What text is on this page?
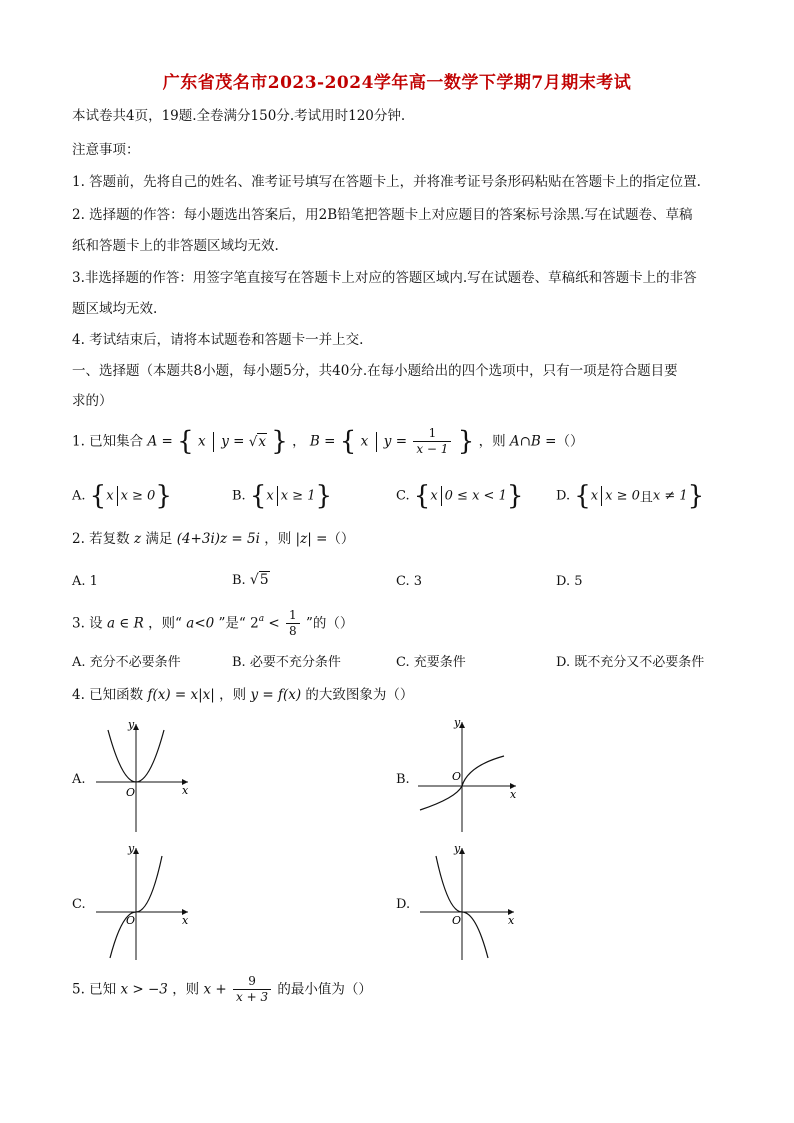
广东省茂名市2023-2024学年高一数学下学期7月期末考试
本试卷共4页，19题.全卷满分150分.考试用时120分钟.
注意事项：
1. 答题前，先将自己的姓名、准考证号填写在答题卡上，并将准考证号条形码粘贴在答题卡上的指定位置.
2. 选择题的作答：每小题选出答案后，用2B铅笔把答题卡上对应题目的答案标号涂黑.写在试题卷、草稿
纸和答题卡上的非答题区域均无效.
3.非选择题的作答：用签字笔直接写在答题卡上对应的答题区域内.写在试题卷、草稿纸和答题卡上的非答
题区域均无效.
4. 考试结束后，请将本试题卷和答题卡一并上交.
一、选择题（本题共8小题，每小题5分，共40分.在每小题给出的四个选项中，只有一项是符合题目要
求的）
1. 已知集合 A = { x y = √x } ， B = { x $y = \frac{1}{x - 1}$ } ，则 A∩B =（）
A. {x x ≥ 0}	B. {x x ≥ 1}	C. {x 0 ≤ x < 1}	D. {x x ≥ 0且x ≠ 1}
2. 若复数 z 满足 (4+3i)z = 5i ，则 |z| =（）
A. 1	B. √5	C. 3	D. 5
3. 设 a ∈ R ，则“ a<0 ”是“ $2^a < \frac{1}{8}$ ”的（）
A. 充分不必要条件	B. 必要不充分条件	C. 充要条件	D. 既不充分又不必要条件
4. 已知函数 f(x) = x|x| ，则 y = f(x) 的大致图象为（）
A.
x
y
O
B.
x
y
O
C.
x
y
O
D.
x
y
O
5. 已知 x > −3 ，则 $x + \frac{9}{x + 3}$ 的最小值为（）
